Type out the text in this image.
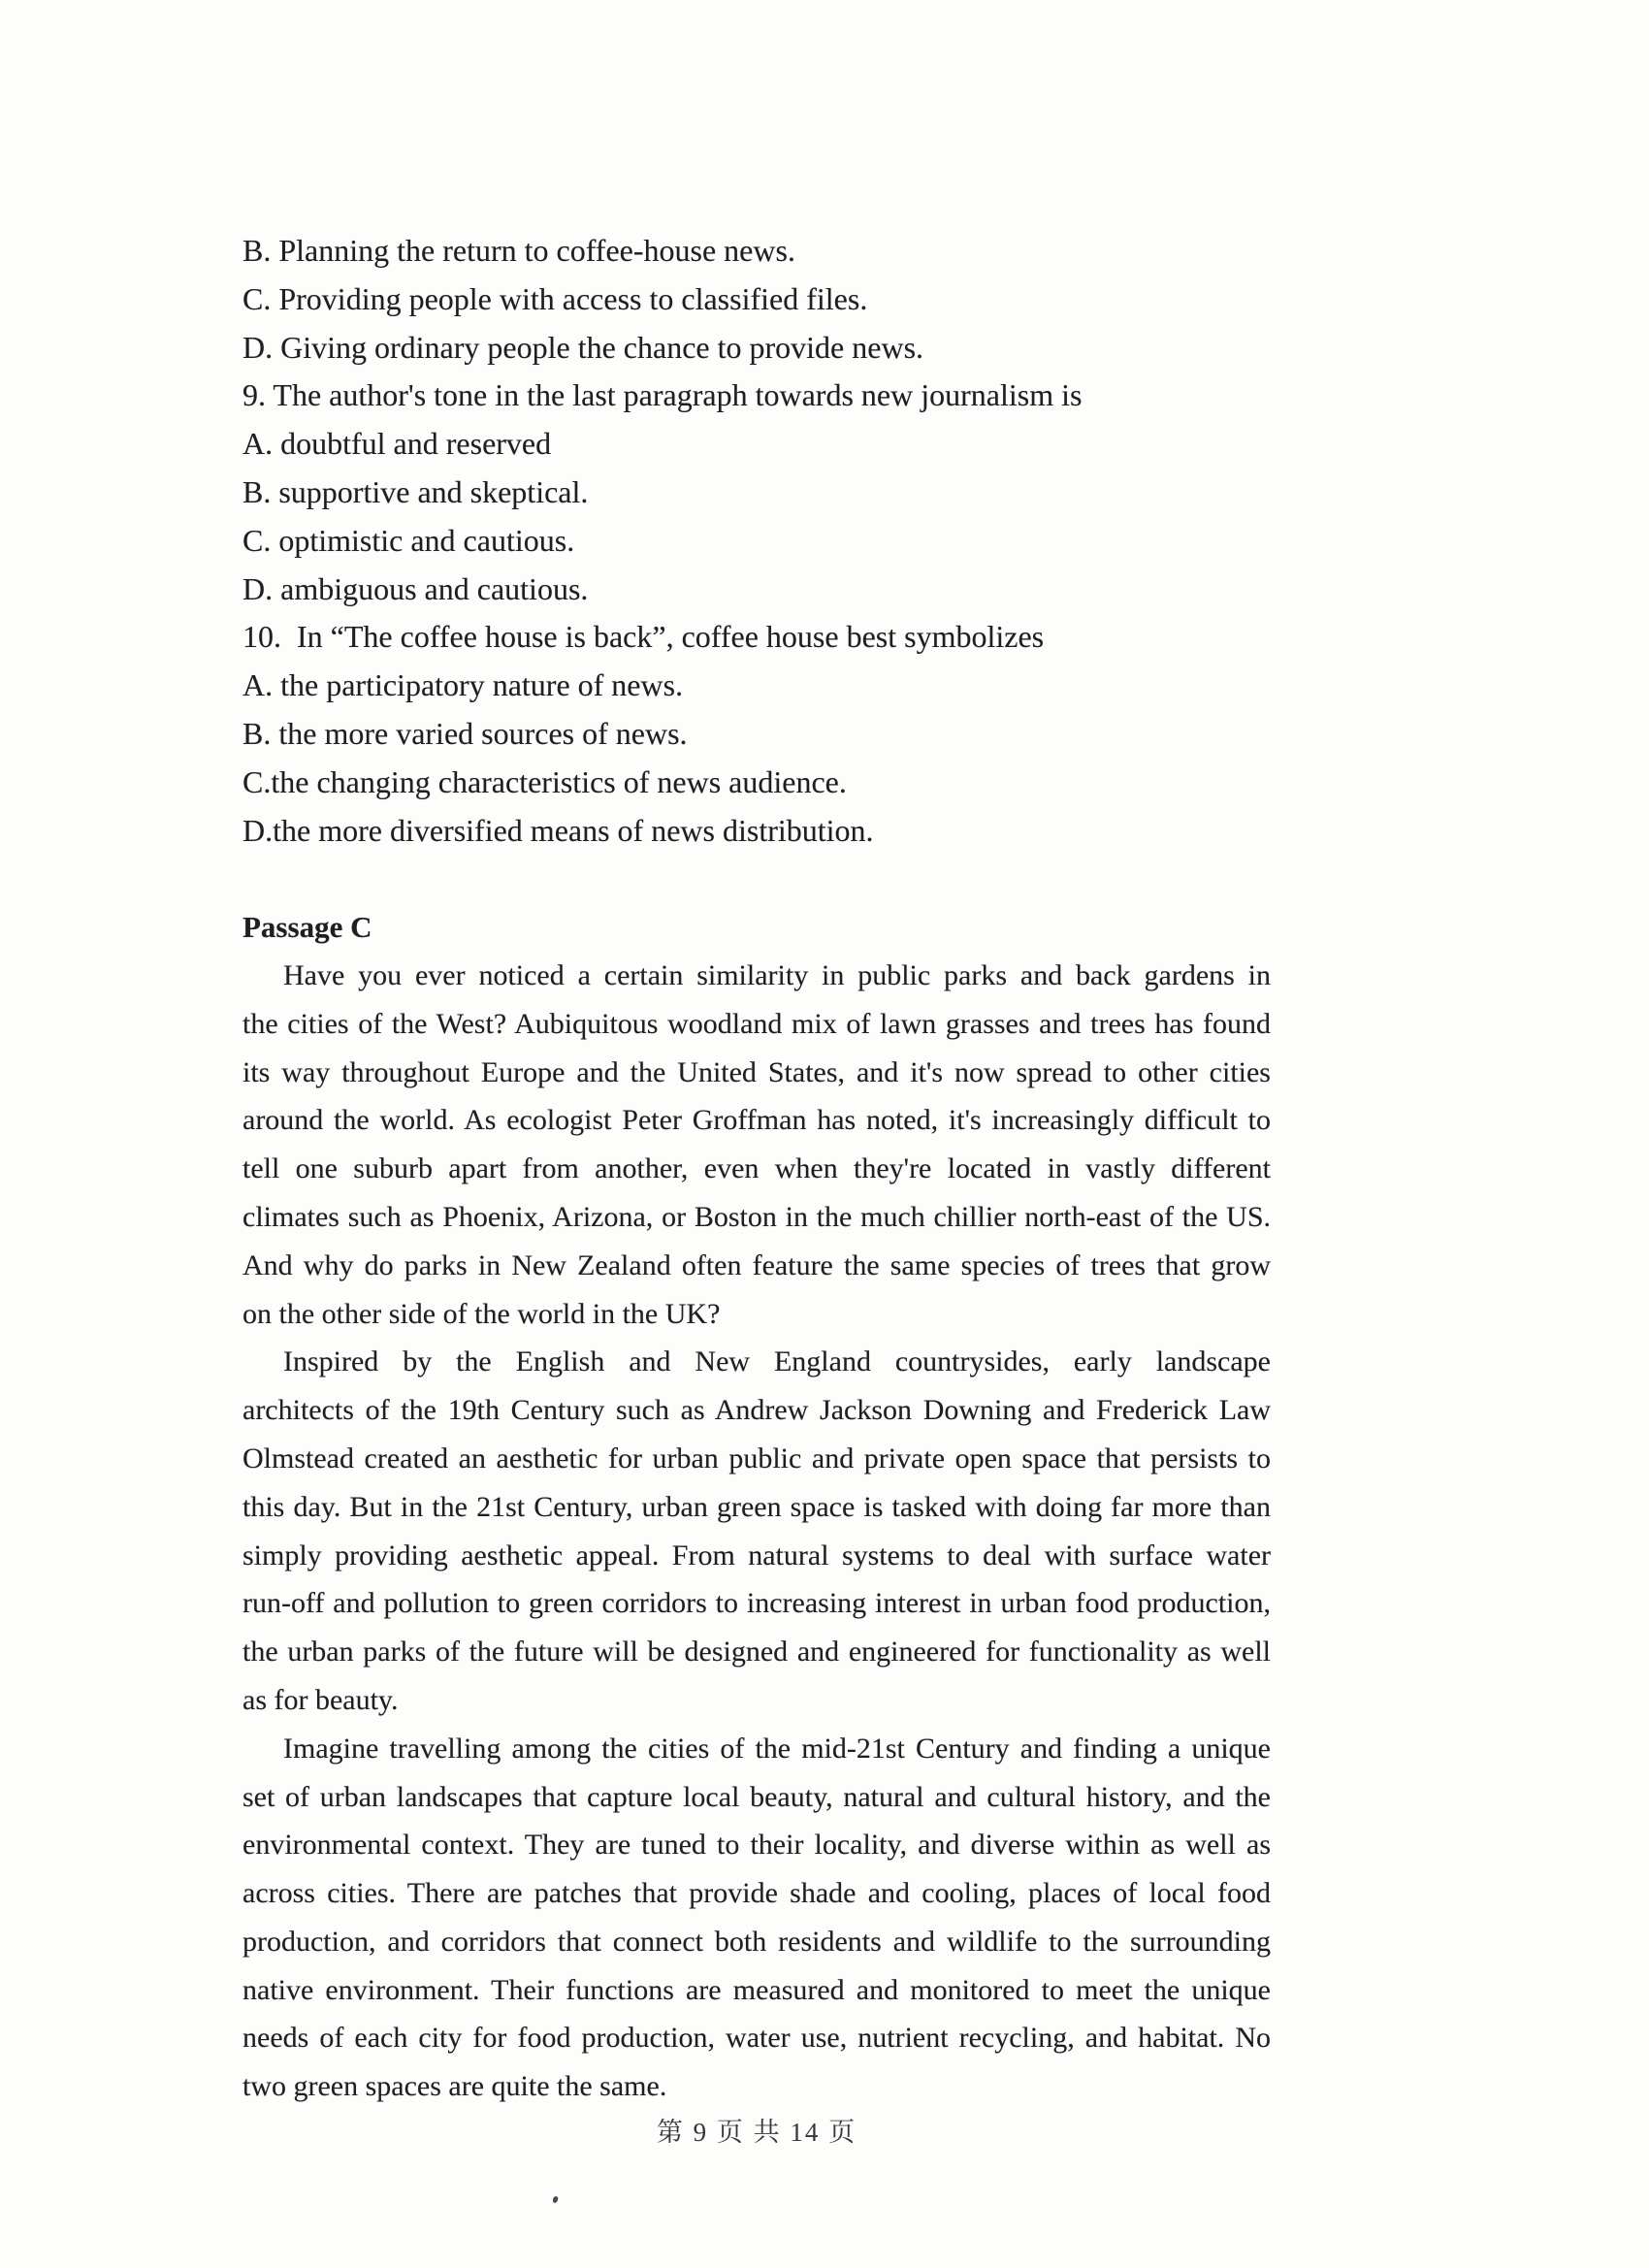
B. Planning the return to coffee-house news.
C. Providing people with access to classified files.
D. Giving ordinary people the chance to provide news.
9. The author's tone in the last paragraph towards new journalism is
A. doubtful and reserved
B. supportive and skeptical.
C. optimistic and cautious.
D. ambiguous and cautious.
10.  In “The coffee house is back”, coffee house best symbolizes
A. the participatory nature of news.
B. the more varied sources of news.
C.the changing characteristics of news audience.
D.the more diversified means of news distribution.
Passage C
Have you ever noticed a certain similarity in public parks and back gardens in
the cities of the West? Aubiquitous woodland mix of lawn grasses and trees has found
its way throughout Europe and the United States, and it's now spread to other cities
around the world. As ecologist Peter Groffman has noted, it's increasingly difficult to
tell one suburb apart from another, even when they're located in vastly different
climates such as Phoenix, Arizona, or Boston in the much chillier north-east of the US.
And why do parks in New Zealand often feature the same species of trees that grow
on the other side of the world in the UK?
Inspired by the English and New England countrysides, early landscape
architects of the 19th Century such as Andrew Jackson Downing and Frederick Law
Olmstead created an aesthetic for urban public and private open space that persists to
this day. But in the 21st Century, urban green space is tasked with doing far more than
simply providing aesthetic appeal. From natural systems to deal with surface water
run-off and pollution to green corridors to increasing interest in urban food production,
the urban parks of the future will be designed and engineered for functionality as well
as for beauty.
Imagine travelling among the cities of the mid-21st Century and finding a unique
set of urban landscapes that capture local beauty, natural and cultural history, and the
environmental context. They are tuned to their locality, and diverse within as well as
across cities. There are patches that provide shade and cooling, places of local food
production, and corridors that connect both residents and wildlife to the surrounding
native environment. Their functions are measured and monitored to meet the unique
needs of each city for food production, water use, nutrient recycling, and habitat. No
two green spaces are quite the same.
第 9 页 共 14 页
